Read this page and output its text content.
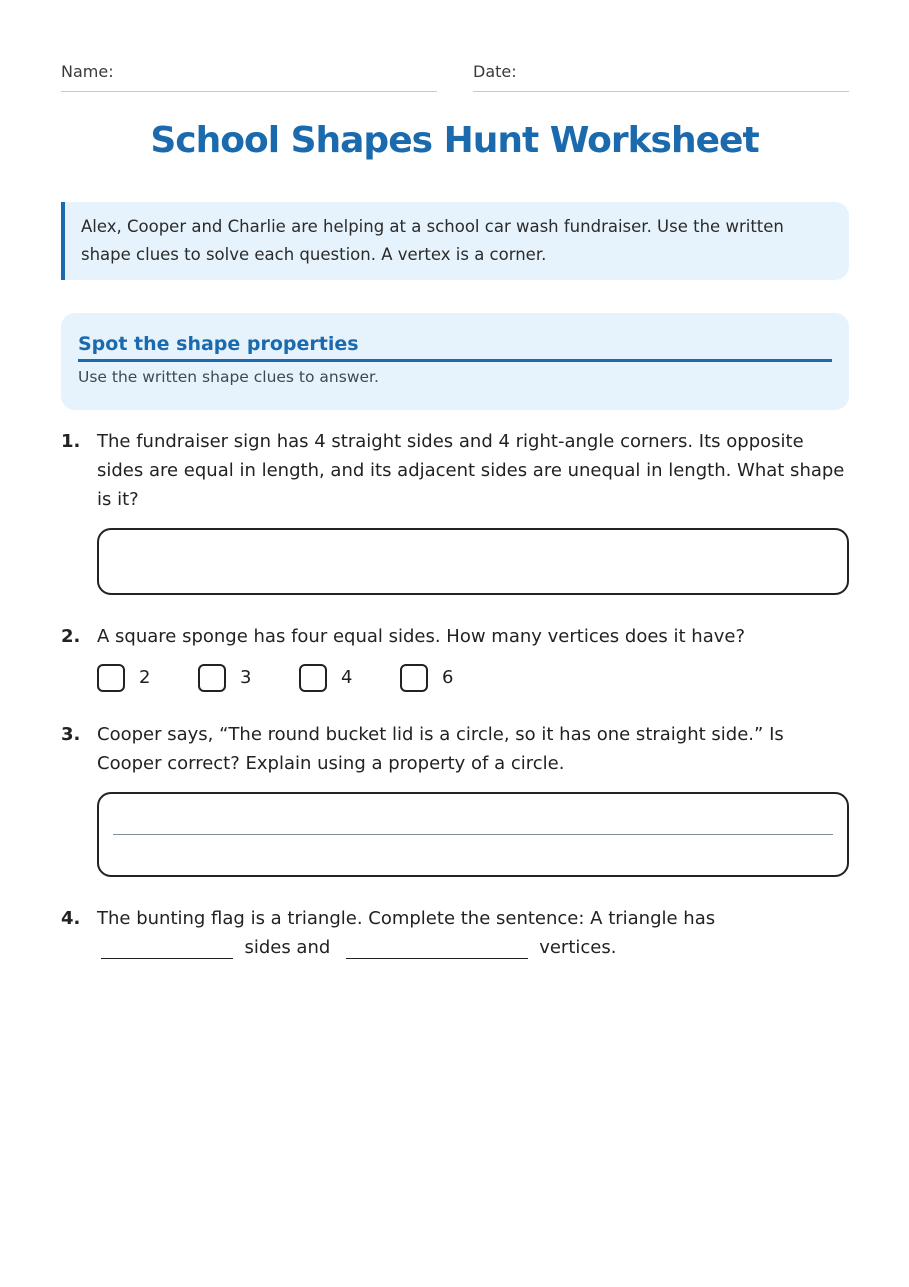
Name:	Date:
School Shapes Hunt Worksheet
Alex, Cooper and Charlie are helping at a school car wash fundraiser. Use the written shape clues to solve each question. A vertex is a corner.
Spot the shape properties
Use the written shape clues to answer.
1. The fundraiser sign has 4 straight sides and 4 right-angle corners. Its opposite sides are equal in length, and its adjacent sides are unequal in length. What shape is it?
2. A square sponge has four equal sides. How many vertices does it have?
2	3	4	6
3. Cooper says, “The round bucket lid is a circle, so it has one straight side.” Is Cooper correct? Explain using a property of a circle.
4. The bunting flag is a triangle. Complete the sentence: A triangle has
sides and	vertices.
